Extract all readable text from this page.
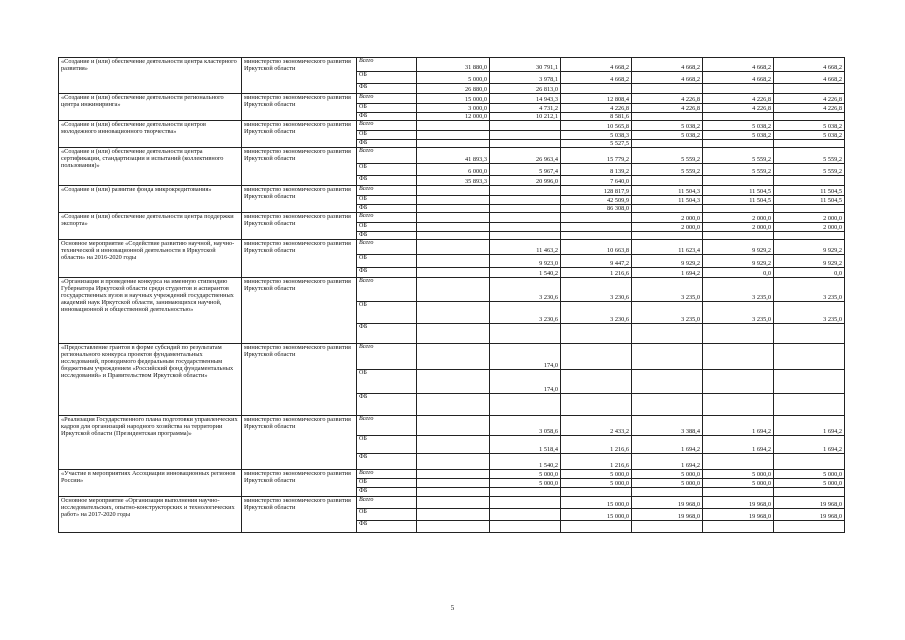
«Создание и (или) обеспечение деятельности центра кластерного развития»	министерство экономического развития Иркутской области	Всего	31 880,0	30 791,1	4 668,2	4 668,2	4 668,2	4 668,2
		ОБ	5 000,0	3 978,1	4 668,2	4 668,2	4 668,2	4 668,2
		ФБ	26 880,0	26 813,0				
«Создание и (или) обеспечение деятельности регионального центра инжиниринга»	министерство экономического развития Иркутской области	Всего	15 000,0	14 943,3	12 808,4	4 226,8	4 226,8	4 226,8
		ОБ	3 000,0	4 731,2	4 226,8	4 226,8	4 226,8	4 226,8
		ФБ	12 000,0	10 212,1	8 581,6			
«Создание и (или) обеспечение деятельности центров молодежного инновационного творчества»	министерство экономического развития Иркутской области	Всего			10 565,8	5 038,2	5 038,2	5 038,2
		ОБ			5 038,3	5 038,2	5 038,2	5 038,2
		ФБ			5 527,5			
«Создание и (или) обеспечение деятельности центра сертификации, стандартизации и испытаний (коллективного пользования)»	министерство экономического развития Иркутской области	Всего	41 893,3	26 963,4	15 779,2	5 559,2	5 559,2	5 559,2
		ОБ	6 000,0	5 967,4	8 139,2	5 559,2	5 559,2	5 559,2
		ФБ	35 893,3	20 996,0	7 640,0			
«Создание и (или) развитие фонда микрокредитования»	министерство экономического развития Иркутской области	Всего			128 817,9	11 504,3	11 504,5	11 504,5
		ОБ			42 509,9	11 504,3	11 504,5	11 504,5
		ФБ			86 308,0			
«Создание и (или) обеспечение деятельности центра поддержки экспорта»	министерство экономического развития Иркутской области	Всего				2 000,0	2 000,0	2 000,0
		ОБ				2 000,0	2 000,0	2 000,0
		ФБ						
Основное мероприятие «Содействие развитию научной, научно-технической и инновационной деятельности в Иркутской области» на 2016-2020 годы	министерство экономического развития Иркутской области	Всего		11 463,2	10 663,8	11 623,4	9 929,2	9 929,2
		ОБ		9 923,0	9 447,2	9 929,2	9 929,2	9 929,2
		ФБ		1 540,2	1 216,6	1 694,2	0,0	0,0
«Организация и проведение конкурса на именную стипендию Губернатора Иркутской области среди студентов и аспирантов государственных вузов и научных учреждений государственных академий наук Иркутской области, занимающихся научной, инновационной и общественной деятельностью»	министерство экономического развития Иркутской области	Всего		3 230,6	3 230,6	3 235,0	3 235,0	3 235,0
		ОБ		3 230,6	3 230,6	3 235,0	3 235,0	3 235,0
		ФБ						
«Предоставление грантов в форме субсидий по результатам регионального конкурса проектов фундаментальных исследований, проводимого федеральным государственным бюджетным учреждением «Российский фонд фундаментальных исследований» и Правительством Иркутской области»	министерство экономического развития Иркутской области	Всего		174,0				
		ОБ		174,0				
		ФБ						
«Реализация Государственного плана подготовки управленческих кадров для организаций народного хозяйства на территории Иркутской области (Президентская программа)»	министерство экономического развития Иркутской области	Всего		3 058,6	2 433,2	3 388,4	1 694,2	1 694,2
		ОБ		1 518,4	1 216,6	1 694,2	1 694,2	1 694,2
		ФБ		1 540,2	1 216,6	1 694,2		
«Участие в мероприятиях Ассоциации инновационных регионов России»	министерство экономического развития Иркутской области	Всего		5 000,0	5 000,0	5 000,0	5 000,0	5 000,0
		ОБ		5 000,0	5 000,0	5 000,0	5 000,0	5 000,0
		ФБ						
Основное мероприятие «Организация выполнения научно-исследовательских, опытно-конструкторских и технологических работ» на 2017-2020 годы	министерство экономического развития Иркутской области	Всего			15 000,0	19 968,0	19 968,0	19 968,0
		ОБ			15 000,0	19 968,0	19 968,0	19 968,0
		ФБ						
5
